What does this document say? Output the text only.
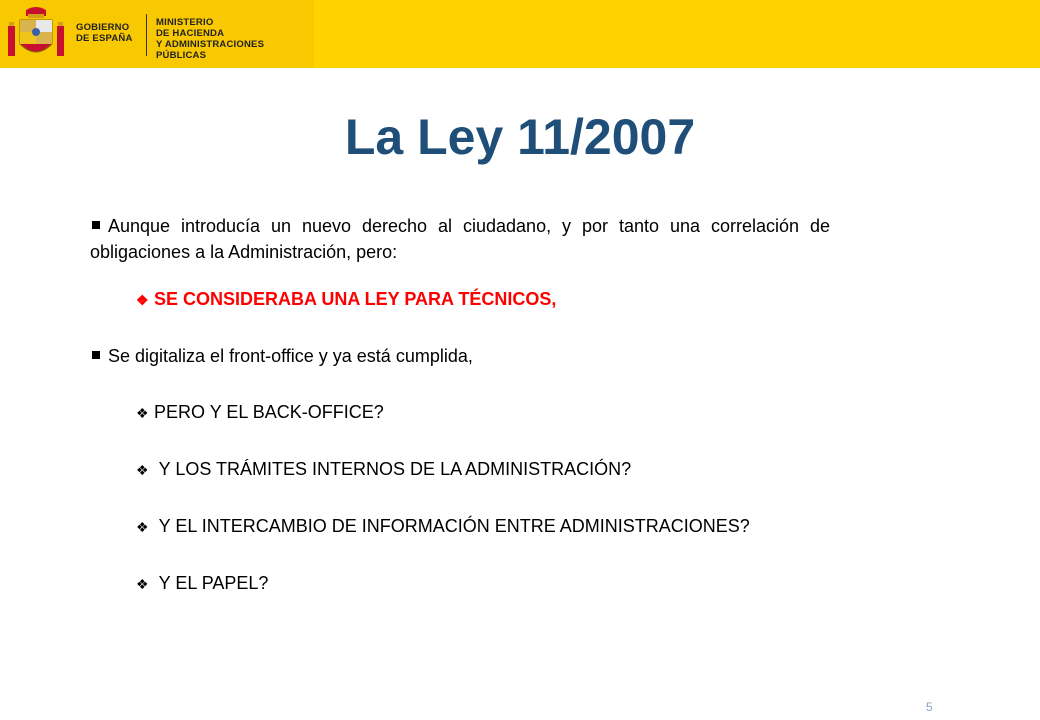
GOBIERNO
DE ESPAÑA
MINISTERIO
DE HACIENDA
Y ADMINISTRACIONES PÚBLICAS
La Ley 11/2007

Aunque introducía un nuevo derecho al ciudadano, y por tanto una correlación de obligaciones a la Administración, pero:

❖ SE CONSIDERABA UNA LEY PARA TÉCNICOS,

Se digitaliza el front-office y ya está cumplida,

❖ PERO Y EL BACK-OFFICE?

❖ Y LOS TRÁMITES INTERNOS DE LA ADMINISTRACIÓN?

❖ Y EL INTERCAMBIO DE INFORMACIÓN ENTRE ADMINISTRACIONES?

❖ Y EL PAPEL?

5
